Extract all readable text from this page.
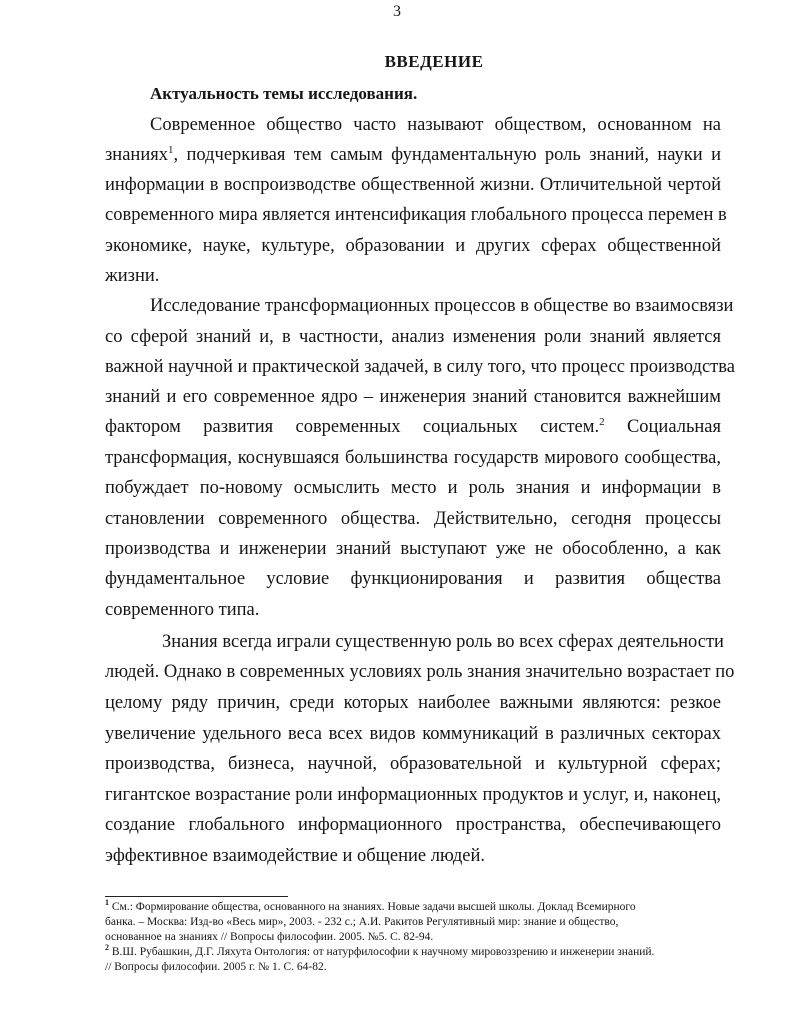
3
ВВЕДЕНИЕ
Актуальность темы исследования.
Современное общество часто называют обществом, основанном на
знаниях$^1$, подчеркивая тем самым фундаментальную роль знаний, науки и
информации в воспроизводстве общественной жизни. Отличительной чертой
современного мира является интенсификация глобального процесса перемен в
экономике, науке, культуре, образовании и других сферах общественной
жизни.
Исследование трансформационных процессов в обществе во взаимосвязи
со сферой знаний и, в частности, анализ изменения роли знаний является
важной научной и практической задачей, в силу того, что процесс производства
знаний и его современное ядро – инженерия знаний становится важнейшим
фактором развития современных социальных систем.$^2$ Социальная
трансформация, коснувшаяся большинства государств мирового сообщества,
побуждает по-новому осмыслить место и роль знания и информации в
становлении современного общества. Действительно, сегодня процессы
производства и инженерии знаний выступают уже не обособленно, а как
фундаментальное условие функционирования и развития общества
современного типа.
Знания всегда играли существенную роль во всех сферах деятельности
людей. Однако в современных условиях роль знания значительно возрастает по
целому ряду причин, среди которых наиболее важными являются: резкое
увеличение удельного веса всех видов коммуникаций в различных секторах
производства, бизнеса, научной, образовательной и культурной сферах;
гигантское возрастание роли информационных продуктов и услуг, и, наконец,
создание глобального информационного пространства, обеспечивающего
эффективное взаимодействие и общение людей.
$^1$ См.: Формирование общества, основанного на знаниях. Новые задачи высшей школы. Доклад Всемирного
банка. – Москва: Изд-во «Весь мир», 2003. - 232 с.; А.И. Ракитов Регулятивный мир: знание и общество,
основанное на знаниях // Вопросы философии. 2005. №5. С. 82-94.
$^2$ В.Ш. Рубашкин, Д.Г. Ляхута Онтология: от натурфилософии к научному мировоззрению и инженерии знаний.
// Вопросы философии. 2005 г. № 1. С. 64-82.
